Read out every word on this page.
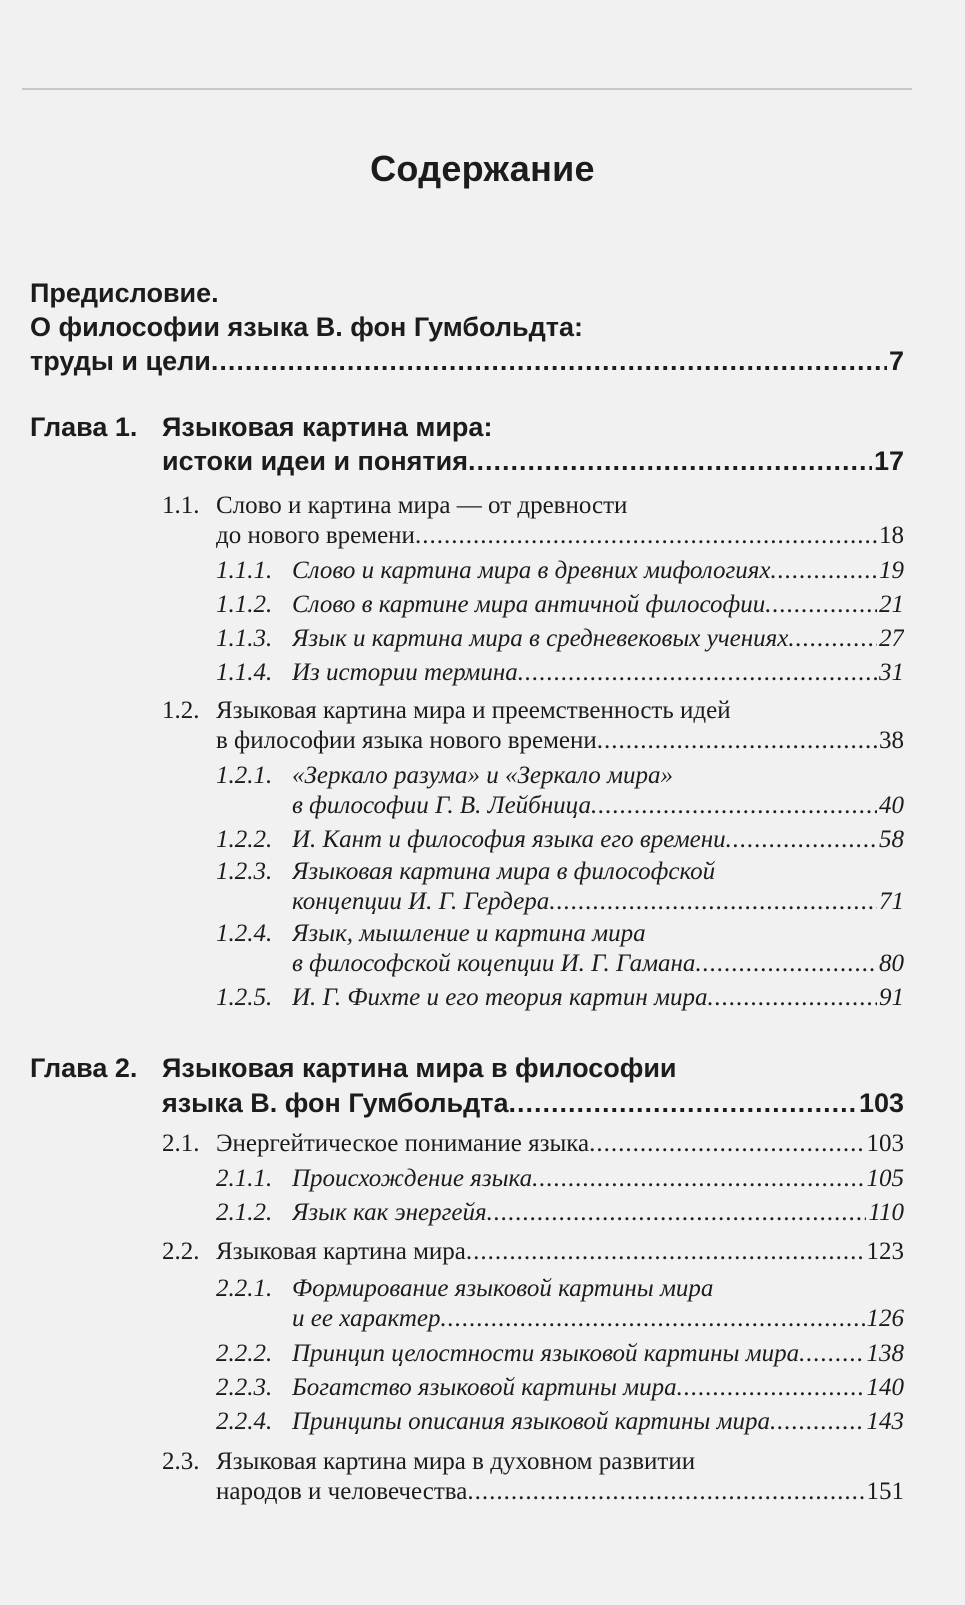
Содержание
Предисловие.
О философии языка В. фон Гумбольдта:
труды и цели .....	7
Глава 1. Языковая картина мира:
истоки идеи и понятия .....	17
1.1. Слово и картина мира — от древности
до нового времени .....	18
1.1.1. Слово и картина мира в древних мифологиях .....	19
1.1.2. Слово в картине мира античной философии .....	21
1.1.3. Язык и картина мира в средневековых учениях .....	27
1.1.4. Из истории термина .....	31
1.2. Языковая картина мира и преемственность идей
в философии языка нового времени .....	38
1.2.1. «Зеркало разума» и «Зеркало мира»
в философии Г. В. Лейбница .....	40
1.2.2. И. Кант и философия языка его времени .....	58
1.2.3. Языковая картина мира в философской
концепции И. Г. Гердера .....	71
1.2.4. Язык, мышление и картина мира
в философской коцепции И. Г. Гамана .....	80
1.2.5. И. Г. Фихте и его теория картин мира .....	91
Глава 2. Языковая картина мира в философии
языка В. фон Гумбольдта .....	103
2.1. Энергейтическое понимание языка .....	103
2.1.1. Происхождение языка .....	105
2.1.2. Язык как энергейя .....	110
2.2. Языковая картина мира .....	123
2.2.1. Формирование языковой картины мира
и ее характер .....	126
2.2.2. Принцип целостности языковой картины мира .....	138
2.2.3. Богатство языковой картины мира .....	140
2.2.4. Принципы описания языковой картины мира .....	143
2.3. Языковая картина мира в духовном развитии
народов и человечества .....	151
